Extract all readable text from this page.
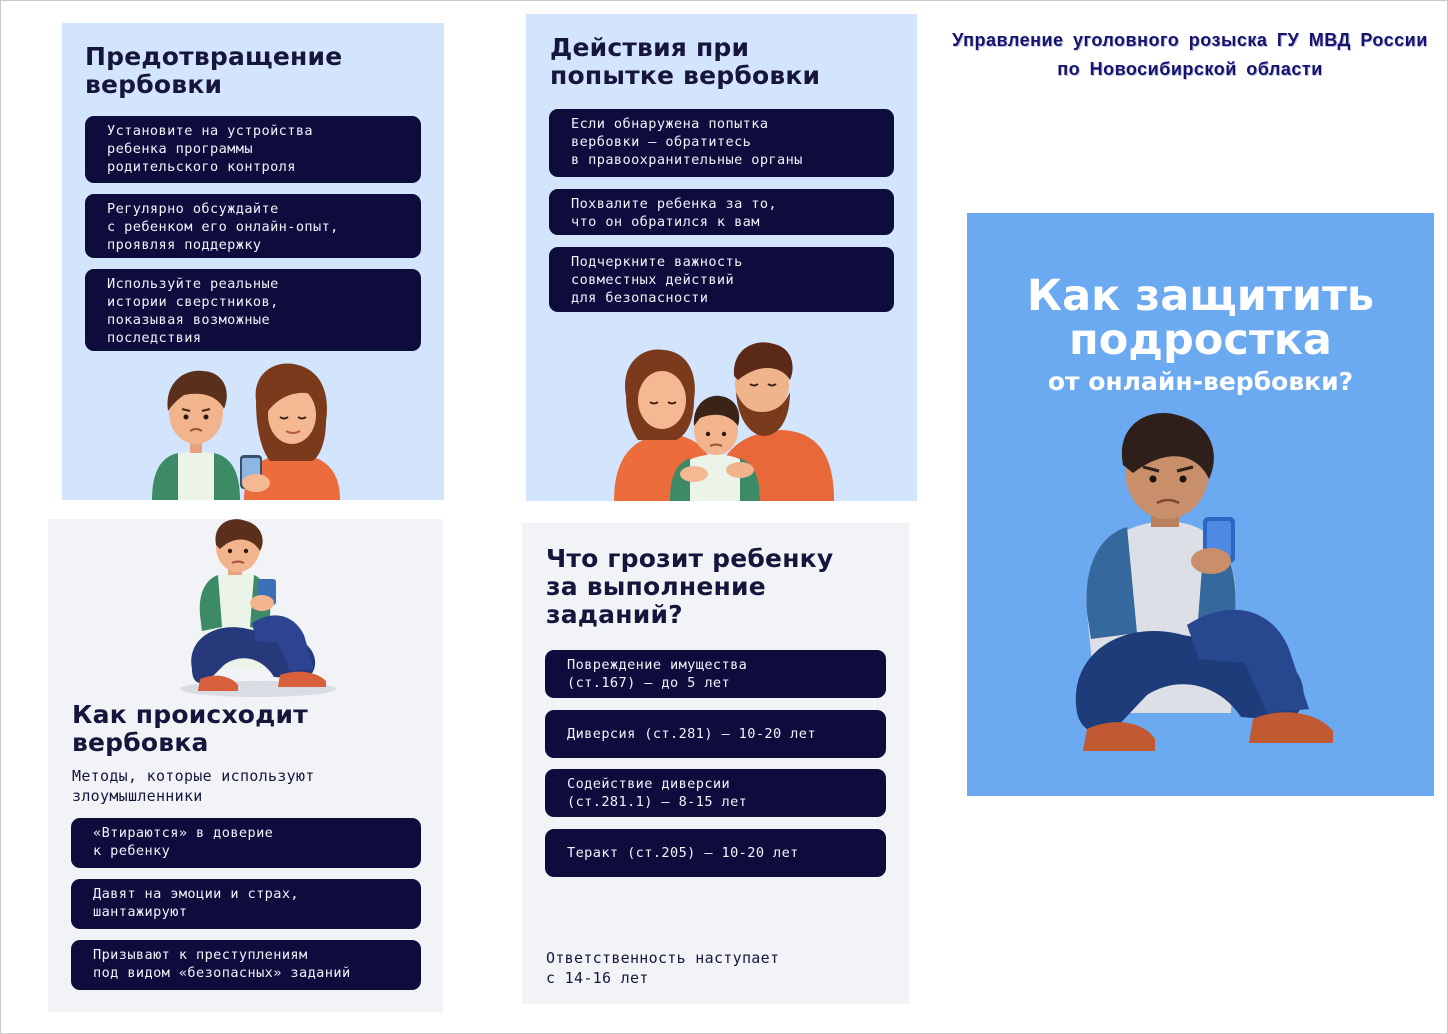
Предотвращение
вербовки
Установите на устройства
ребенка программы
родительского контроля
Регулярно обсуждайте
с ребенком его онлайн-опыт,
проявляя поддержку
Используйте реальные
истории сверстников,
показывая возможные
последствия
Действия при
попытке вербовки
Если обнаружена попытка
вербовки – обратитесь
в правоохранительные органы
Похвалите ребенка за то,
что он обратился к вам
Подчеркните важность
совместных действий
для безопасности
Как происходит
вербовка
Методы, которые используют
злоумышленники
«Втираются» в доверие
к ребенку
Давят на эмоции и страх,
шантажируют
Призывают к преступлениям
под видом «безопасных» заданий
Что грозит ребенку
за выполнение
заданий?
Повреждение имущества
(ст.167) — до 5 лет
Диверсия (ст.281) — 10-20 лет
Содействие диверсии
(ст.281.1) — 8-15 лет
Теракт (ст.205) — 10-20 лет
Ответственность наступает
с 14-16 лет
Управление уголовного розыска ГУ МВД России
по Новосибирской области
Как защитить
подростка
от онлайн-вербовки?
